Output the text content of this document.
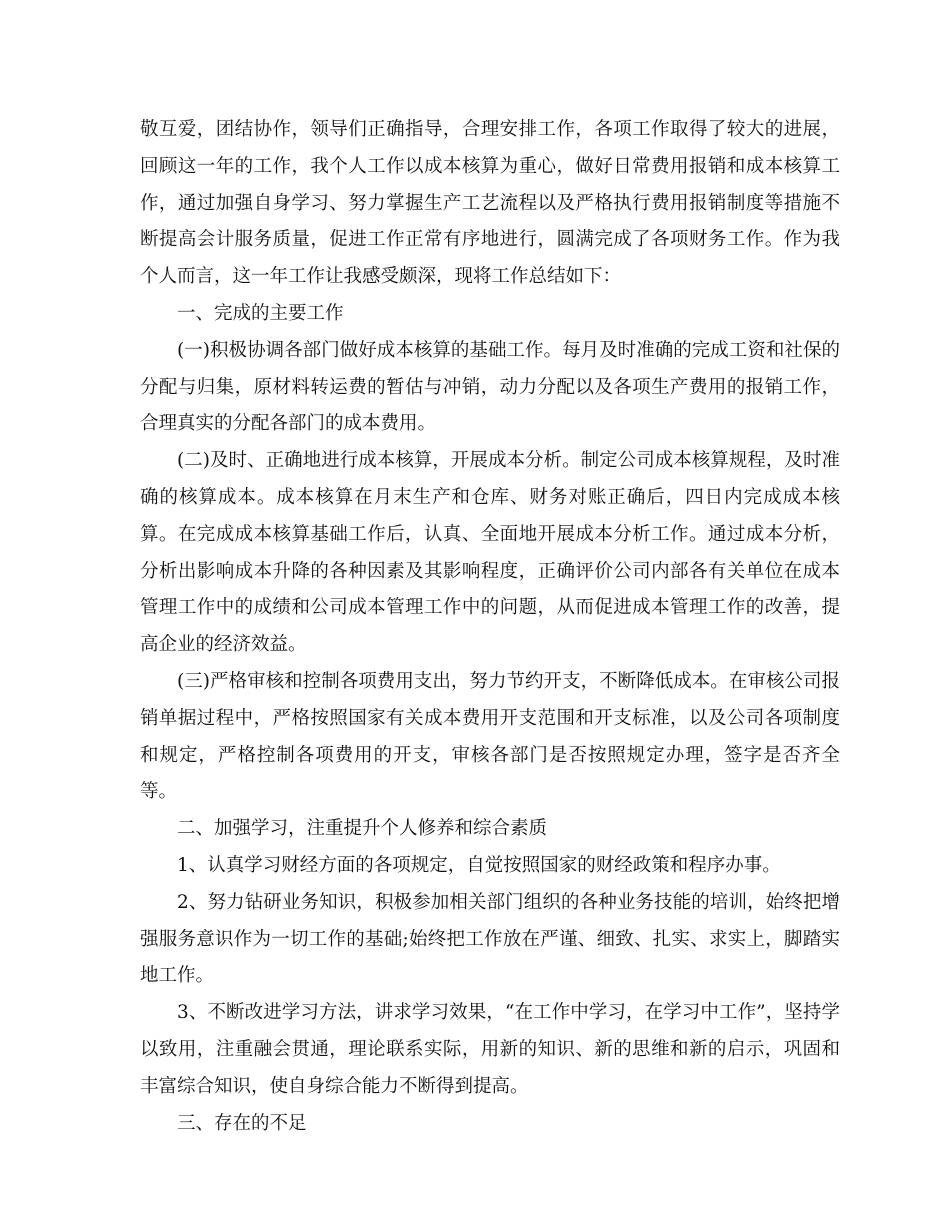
敬互爱，团结协作，领导们正确指导，合理安排工作，各项工作取得了较大的进展，回顾这一年的工作，我个人工作以成本核算为重心，做好日常费用报销和成本核算工作，通过加强自身学习、努力掌握生产工艺流程以及严格执行费用报销制度等措施不断提高会计服务质量，促进工作正常有序地进行，圆满完成了各项财务工作。作为我个人而言，这一年工作让我感受颇深，现将工作总结如下：

一、完成的主要工作

(一)积极协调各部门做好成本核算的基础工作。每月及时准确的完成工资和社保的分配与归集，原材料转运费的暂估与冲销，动力分配以及各项生产费用的报销工作，合理真实的分配各部门的成本费用。

(二)及时、正确地进行成本核算，开展成本分析。制定公司成本核算规程，及时准确的核算成本。成本核算在月末生产和仓库、财务对账正确后，四日内完成成本核算。在完成成本核算基础工作后，认真、全面地开展成本分析工作。通过成本分析，分析出影响成本升降的各种因素及其影响程度，正确评价公司内部各有关单位在成本管理工作中的成绩和公司成本管理工作中的问题，从而促进成本管理工作的改善，提高企业的经济效益。

(三)严格审核和控制各项费用支出，努力节约开支，不断降低成本。在审核公司报销单据过程中，严格按照国家有关成本费用开支范围和开支标准，以及公司各项制度和规定，严格控制各项费用的开支，审核各部门是否按照规定办理，签字是否齐全等。

二、加强学习，注重提升个人修养和综合素质

1、认真学习财经方面的各项规定，自觉按照国家的财经政策和程序办事。

2、努力钻研业务知识，积极参加相关部门组织的各种业务技能的培训，始终把增强服务意识作为一切工作的基础;始终把工作放在严谨、细致、扎实、求实上，脚踏实地工作。

3、不断改进学习方法，讲求学习效果，“在工作中学习，在学习中工作”，坚持学以致用，注重融会贯通，理论联系实际，用新的知识、新的思维和新的启示，巩固和丰富综合知识，使自身综合能力不断得到提高。

三、存在的不足
